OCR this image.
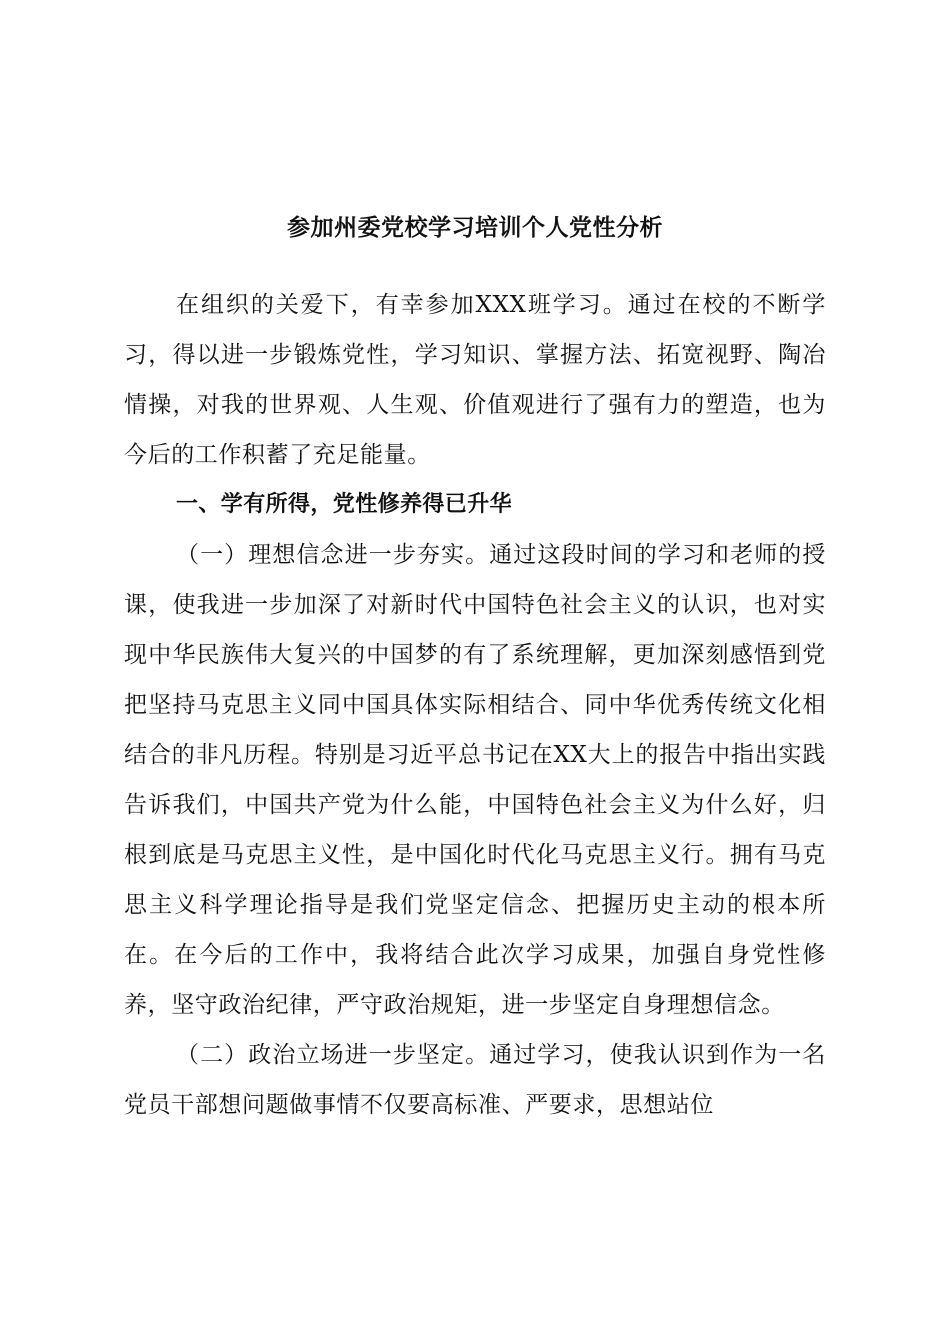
参加州委党校学习培训个人党性分析

在组织的关爱下，有幸参加XXX班学习。通过在校的不断学习，得以进一步锻炼党性，学习知识、掌握方法、拓宽视野、陶冶情操，对我的世界观、人生观、价值观进行了强有力的塑造，也为今后的工作积蓄了充足能量。

一、学有所得，党性修养得已升华

（一）理想信念进一步夯实。通过这段时间的学习和老师的授课，使我进一步加深了对新时代中国特色社会主义的认识，也对实现中华民族伟大复兴的中国梦的有了系统理解，更加深刻感悟到党把坚持马克思主义同中国具体实际相结合、同中华优秀传统文化相结合的非凡历程。特别是习近平总书记在XX大上的报告中指出实践告诉我们，中国共产党为什么能，中国特色社会主义为什么好，归根到底是马克思主义性，是中国化时代化马克思主义行。拥有马克思主义科学理论指导是我们党坚定信念、把握历史主动的根本所在。在今后的工作中，我将结合此次学习成果，加强自身党性修养，坚守政治纪律，严守政治规矩，进一步坚定自身理想信念。

（二）政治立场进一步坚定。通过学习，使我认识到作为一名党员干部想问题做事情不仅要高标准、严要求，思想站位
